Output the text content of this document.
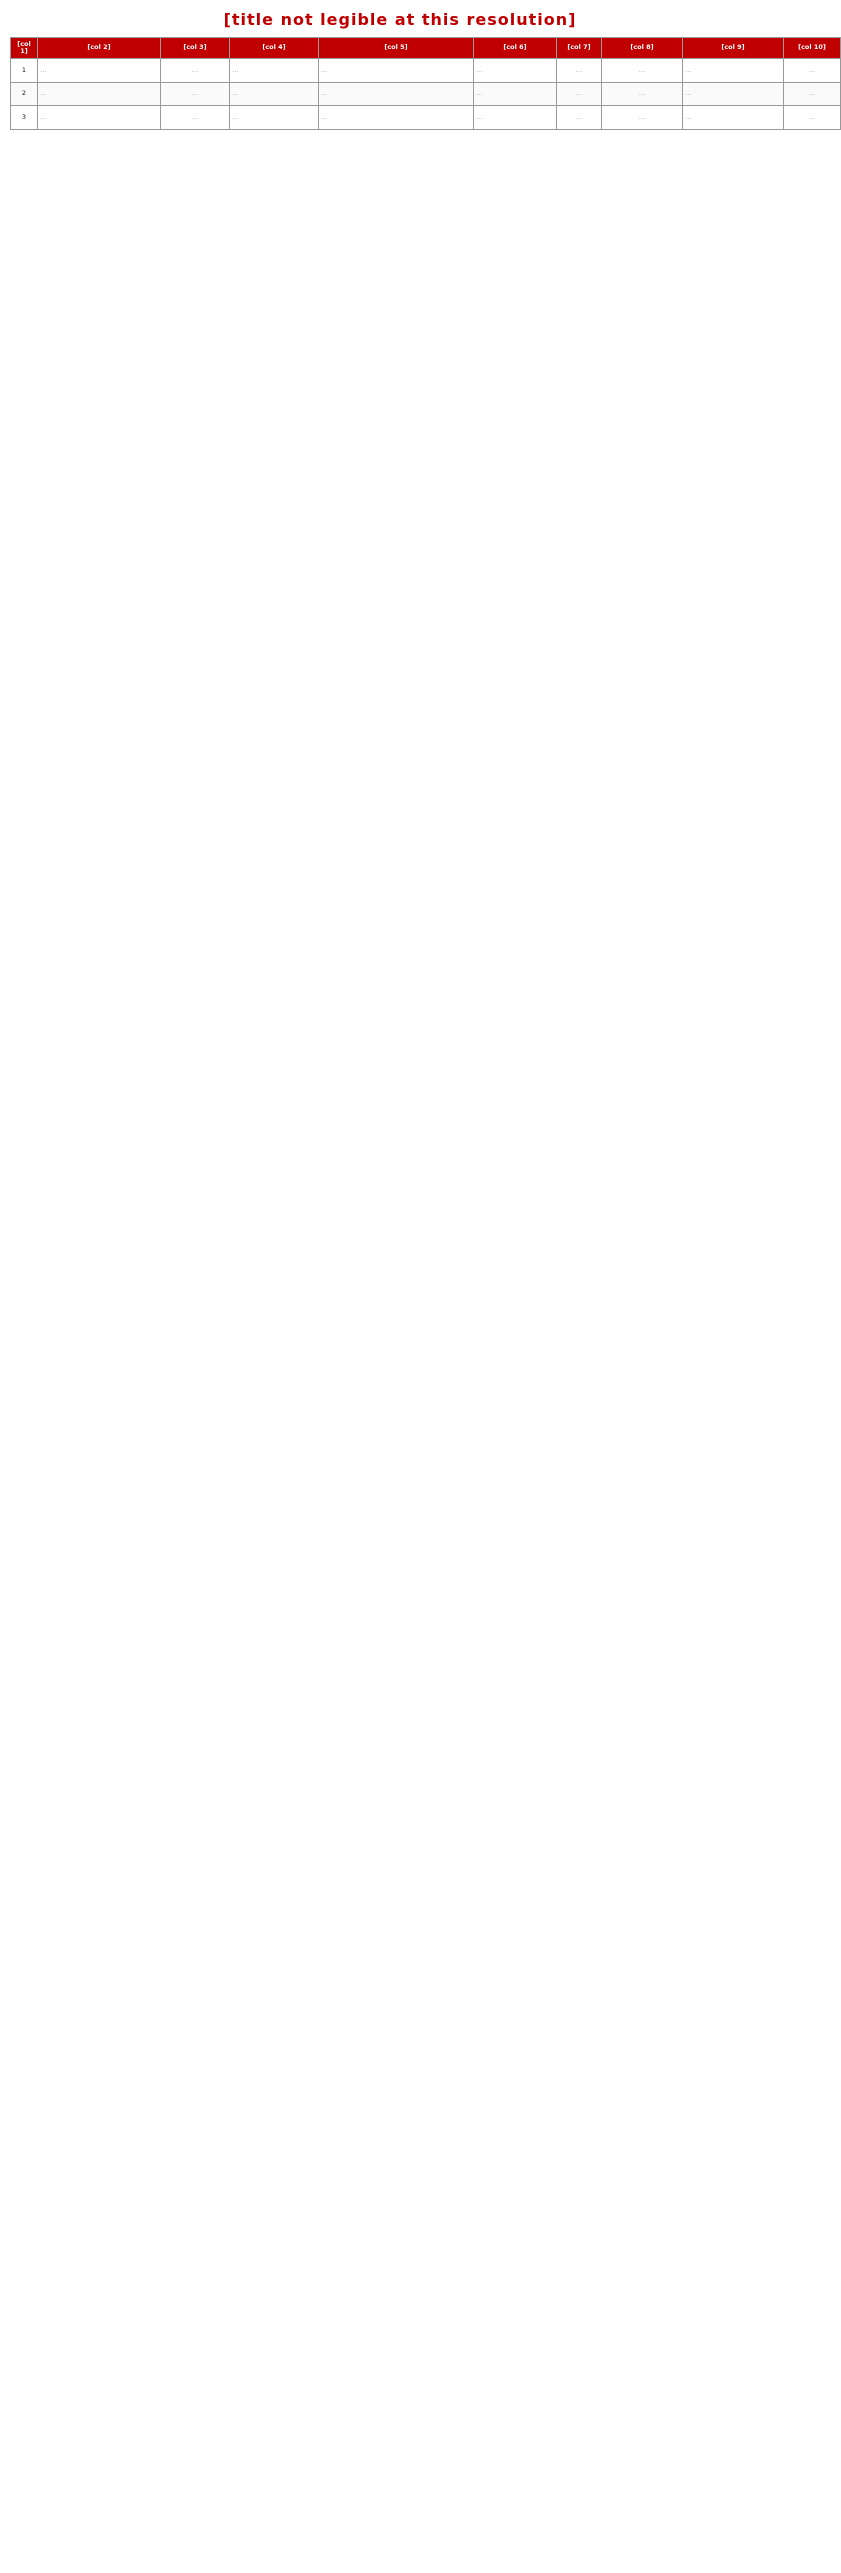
[title not legible at this resolution]
[col 1]	[col 2]	[col 3]	[col 4]	[col 5]	[col 6]	[col 7]	[col 8]	[col 9]	[col 10]
1	…	…	…	…	…	…	…	…	…
2	…	…	…	…	…	…	…	…	…
3	…	…	…	…	…	…	…	…	…
